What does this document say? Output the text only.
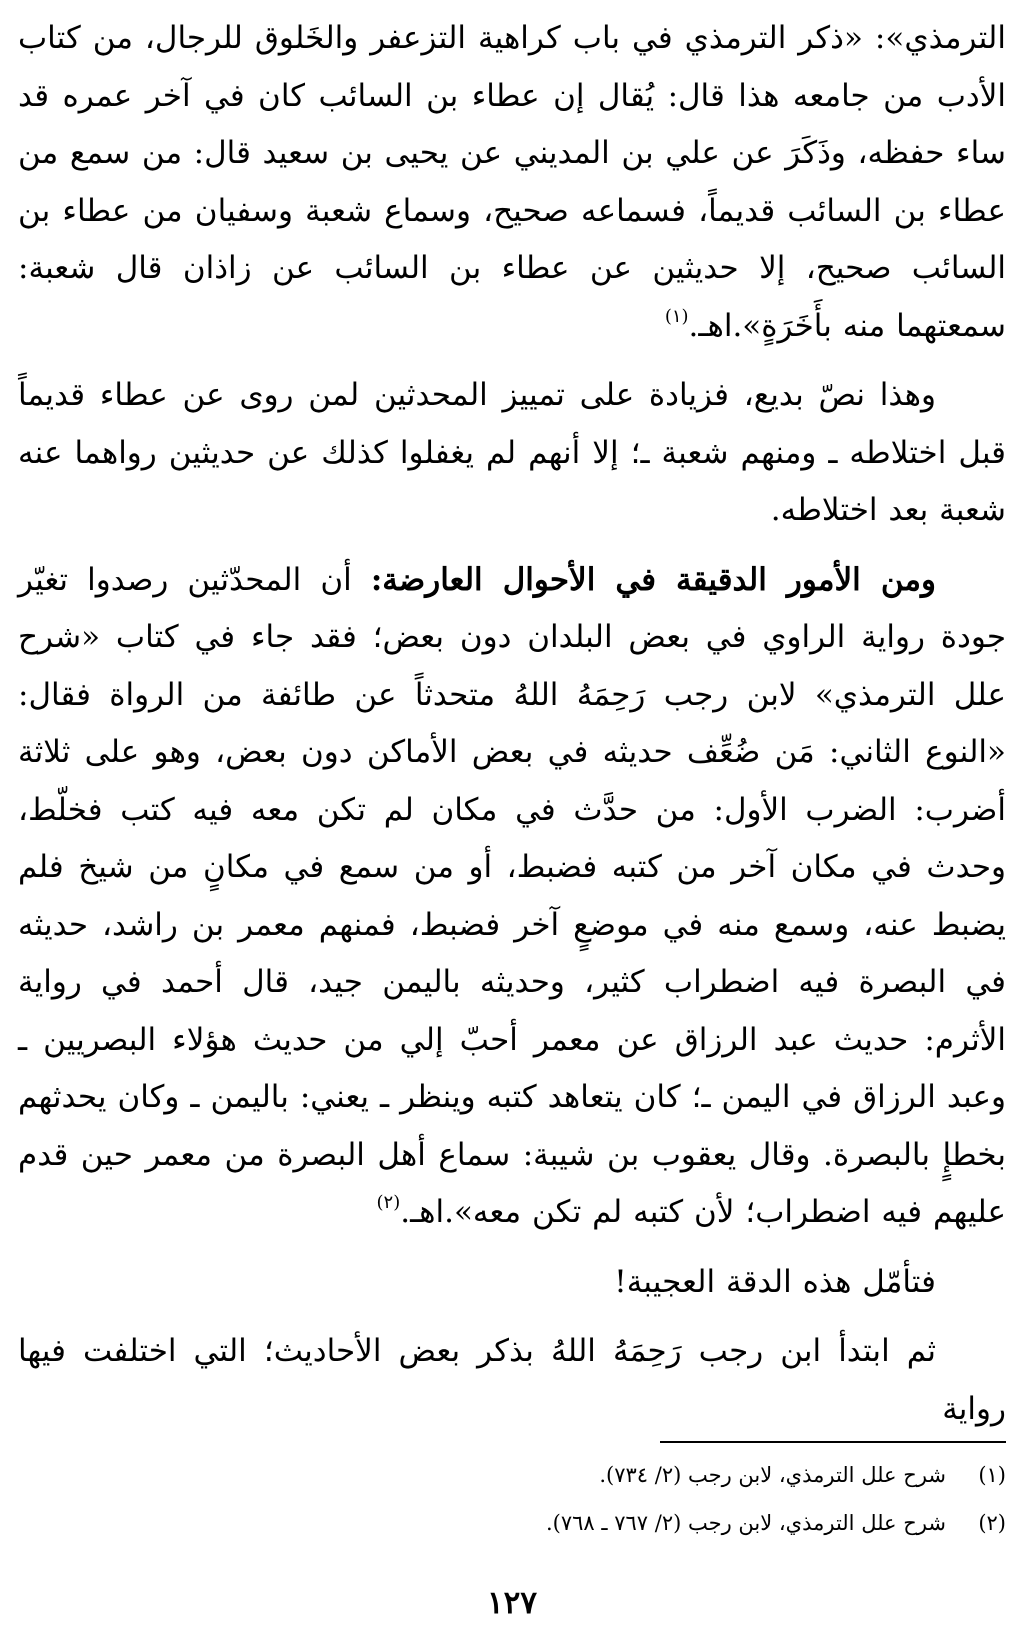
الترمذي»: «ذكر الترمذي في باب كراهية التزعفر والخَلوق للرجال، من كتاب الأدب من جامعه هذا قال: يُقال إن عطاء بن السائب كان في آخر عمره قد ساء حفظه، وذَكَرَ عن علي بن المديني عن يحيى بن سعيد قال: من سمع من عطاء بن السائب قديماً، فسماعه صحيح، وسماع شعبة وسفيان من عطاء بن السائب صحيح، إلا حديثين عن عطاء بن السائب عن زاذان قال شعبة: سمعتهما منه بأَخَرَةٍ».اهـ.$^{(١)}$

وهذا نصّ بديع، فزيادة على تمييز المحدثين لمن روى عن عطاء قديماً قبل اختلاطه ـ ومنهم شعبة ـ؛ إلا أنهم لم يغفلوا كذلك عن حديثين رواهما عنه شعبة بعد اختلاطه.

ومن الأمور الدقيقة في الأحوال العارضة: أن المحدّثين رصدوا تغيّر جودة رواية الراوي في بعض البلدان دون بعض؛ فقد جاء في كتاب «شرح علل الترمذي» لابن رجب رَحِمَهُ اللهُ متحدثاً عن طائفة من الرواة فقال: «النوع الثاني: مَن ضُعِّف حديثه في بعض الأماكن دون بعض، وهو على ثلاثة أضرب: الضرب الأول: من حدَّث في مكان لم تكن معه فيه كتب فخلّط، وحدث في مكان آخر من كتبه فضبط، أو من سمع في مكانٍ من شيخ فلم يضبط عنه، وسمع منه في موضعٍ آخر فضبط، فمنهم معمر بن راشد، حديثه في البصرة فيه اضطراب كثير، وحديثه باليمن جيد، قال أحمد في رواية الأثرم: حديث عبد الرزاق عن معمر أحبّ إلي من حديث هؤلاء البصريين ـ وعبد الرزاق في اليمن ـ؛ كان يتعاهد كتبه وينظر ـ يعني: باليمن ـ وكان يحدثهم بخطإٍ بالبصرة. وقال يعقوب بن شيبة: سماع أهل البصرة من معمر حين قدم عليهم فيه اضطراب؛ لأن كتبه لم تكن معه».اهـ.$^{(٢)}$

فتأمّل هذه الدقة العجيبة!

ثم ابتدأ ابن رجب رَحِمَهُ اللهُ بذكر بعض الأحاديث؛ التي اختلفت فيها رواية

(١)شرح علل الترمذي، لابن رجب (٢/ ٧٣٤).
(٢)شرح علل الترمذي، لابن رجب (٢/ ٧٦٧ ـ ٧٦٨).
١٢٧
